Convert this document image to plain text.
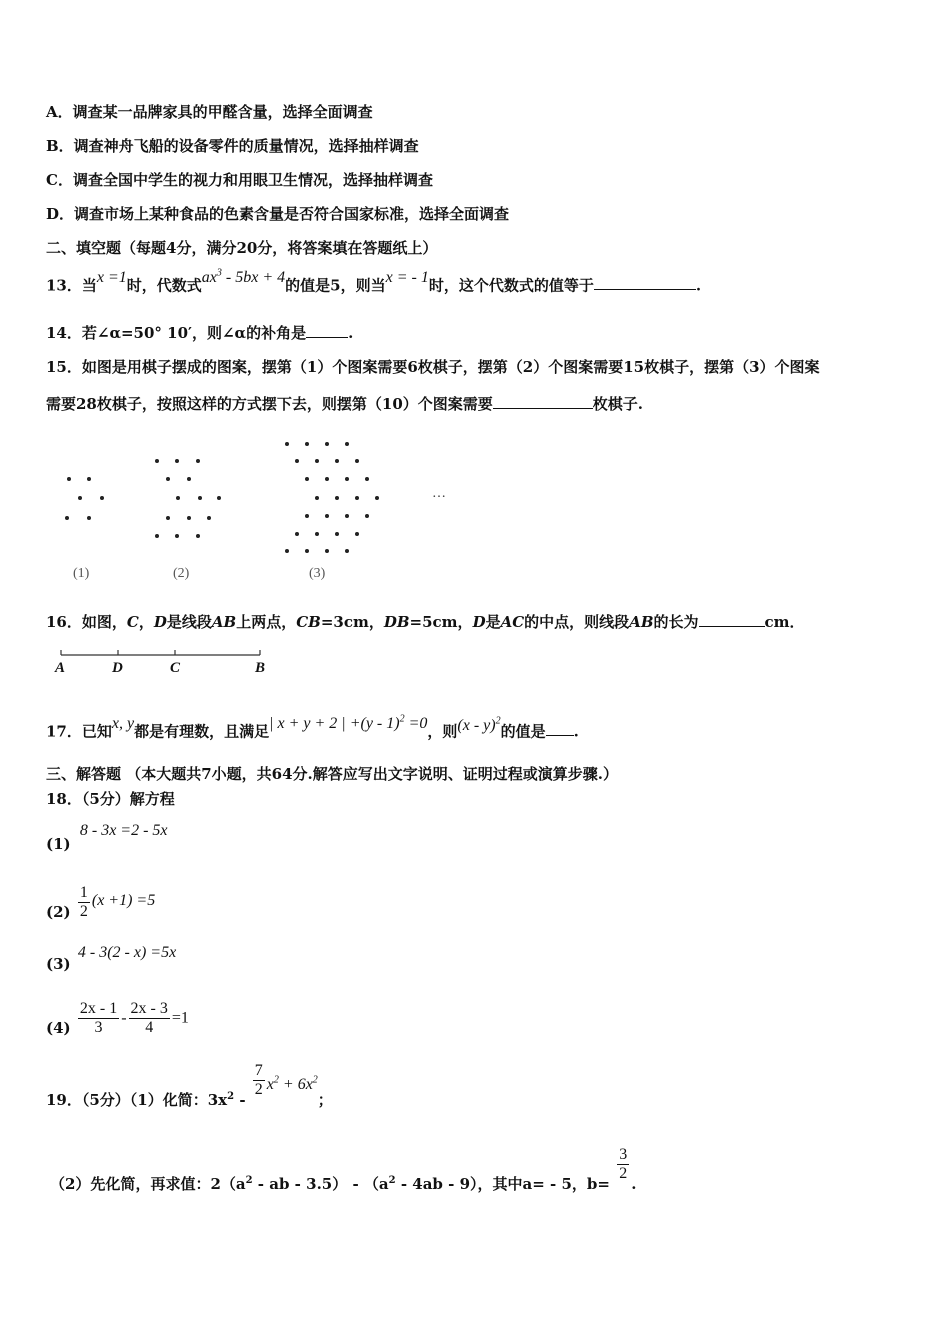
A．调查某一品牌家具的甲醛含量，选择全面调查
B．调查神舟飞船的设备零件的质量情况，选择抽样调查
C．调查全国中学生的视力和用眼卫生情况，选择抽样调查
D．调查市场上某种食品的色素含量是否符合国家标准，选择全面调查
二、填空题（每题4分，满分20分，将答案填在答题纸上）
13．当x =1时，代数式$ax^3 - 5bx + 4$的值是5，则当x = - 1时，这个代数式的值等于	.
14．若∠α=50° 10′，则∠α的补角是	.
15．如图是用棋子摆成的图案，摆第（1）个图案需要6枚棋子，摆第（2）个图案需要15枚棋子，摆第（3）个图案
需要28枚棋子，按照这样的方式摆下去，则摆第（10）个图案需要	枚棋子.
…
(1)	(2)	(3)
16．如图，C，D是线段AB上两点，CB=3cm，DB=5cm，D是AC的中点，则线段AB的长为	cm．
A	D	C	B
17．已知x, y都是有理数，且满足| x + y + 2 | +(y - 1)$^2$ =0，则(x - y)$^2$的值是 .
三、解答题 （本大题共7小题，共64分.解答应写出文字说明、证明过程或演算步骤.）
18．（5分）解方程
(1) 8 - 3x =2 - 5x
$(2) \frac{1}{2} (x +1) =5$
(3) 4 - 3(2 - x) =5x
$(4) \frac{2x - 1}{3} - \frac{2x - 3}{4} =1$
19．（5分）（1）化简：$3x^2$ -
$\frac{7}{2} x^2 + 6x^2$；
（2）先化简，再求值：$2(a^2$ - ab - $3.5) - (a^2 - 4ab - 9)$，其中a= - 5，b=
$\frac{3}{2}$
.
